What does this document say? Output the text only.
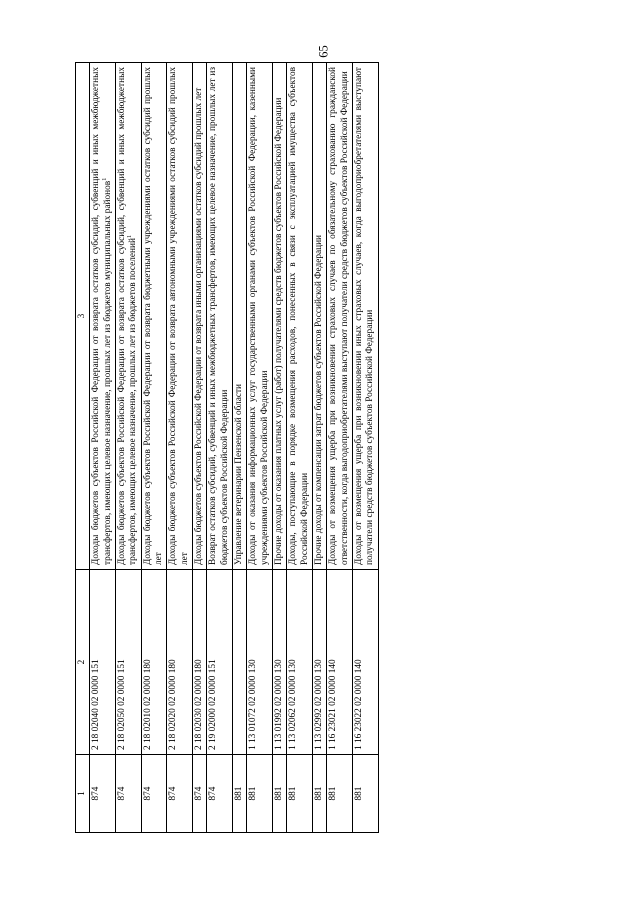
65
1	2	3
874	2 18 02040 02 0000 151	Доходы бюджетов субъектов Российской Федерации от возврата остатков субсидий, субвенций и иных межбюджетных трансфертов, имеющих целевое назначение, прошлых лет из бюджетов муниципальных районов$^1$
874	2 18 02050 02 0000 151	Доходы бюджетов субъектов Российской Федерации от возврата остатков субсидий, субвенций и иных межбюджетных трансфертов, имеющих целевое назначение, прошлых лет из бюджетов поселений$^1$
874	2 18 02010 02 0000 180	Доходы бюджетов субъектов Российской Федерации от возврата бюджетными учреждениями остатков субсидий прошлых лет
874	2 18 02020 02 0000 180	Доходы бюджетов субъектов Российской Федерации от возврата автономными учреждениями остатков субсидий прошлых лет
874	2 18 02030 02 0000 180	Доходы бюджетов субъектов Российской Федерации от возврата иными организациями остатков субсидий прошлых лет
874	2 19 02000 02 0000 151	Возврат остатков субсидий, субвенций и иных межбюджетных трансфертов, имеющих целевое назначение, прошлых лет из бюджетов субъектов Российской Федерации
881		Управление ветеринарии Пензенской области
881	1 13 01072 02 0000 130	Доходы от оказания информационных услуг государственными органами субъектов Российской Федерации, казенными учреждениями субъектов Российской Федерации
881	1 13 01992 02 0000 130	Прочие доходы от оказания платных услуг (работ) получателями средств бюджетов субъектов Российской Федерации
881	1 13 02062 02 0000 130	Доходы, поступающие в порядке возмещения расходов, понесенных в связи с эксплуатацией имущества субъектов Российской Федерации
881	1 13 02992 02 0000 130	Прочие доходы от компенсации затрат бюджетов субъектов Российской Федерации
881	1 16 23021 02 0000 140	Доходы от возмещения ущерба при возникновении страховых случаев по обязательному страхованию гражданской ответственности, когда выгодоприобретателями выступают получатели средств бюджетов субъектов Российской Федерации
881	1 16 23022 02 0000 140	Доходы от возмещения ущерба при возникновении иных страховых случаев, когда выгодоприобретателями выступают получатели средств бюджетов субъектов Российской Федерации
